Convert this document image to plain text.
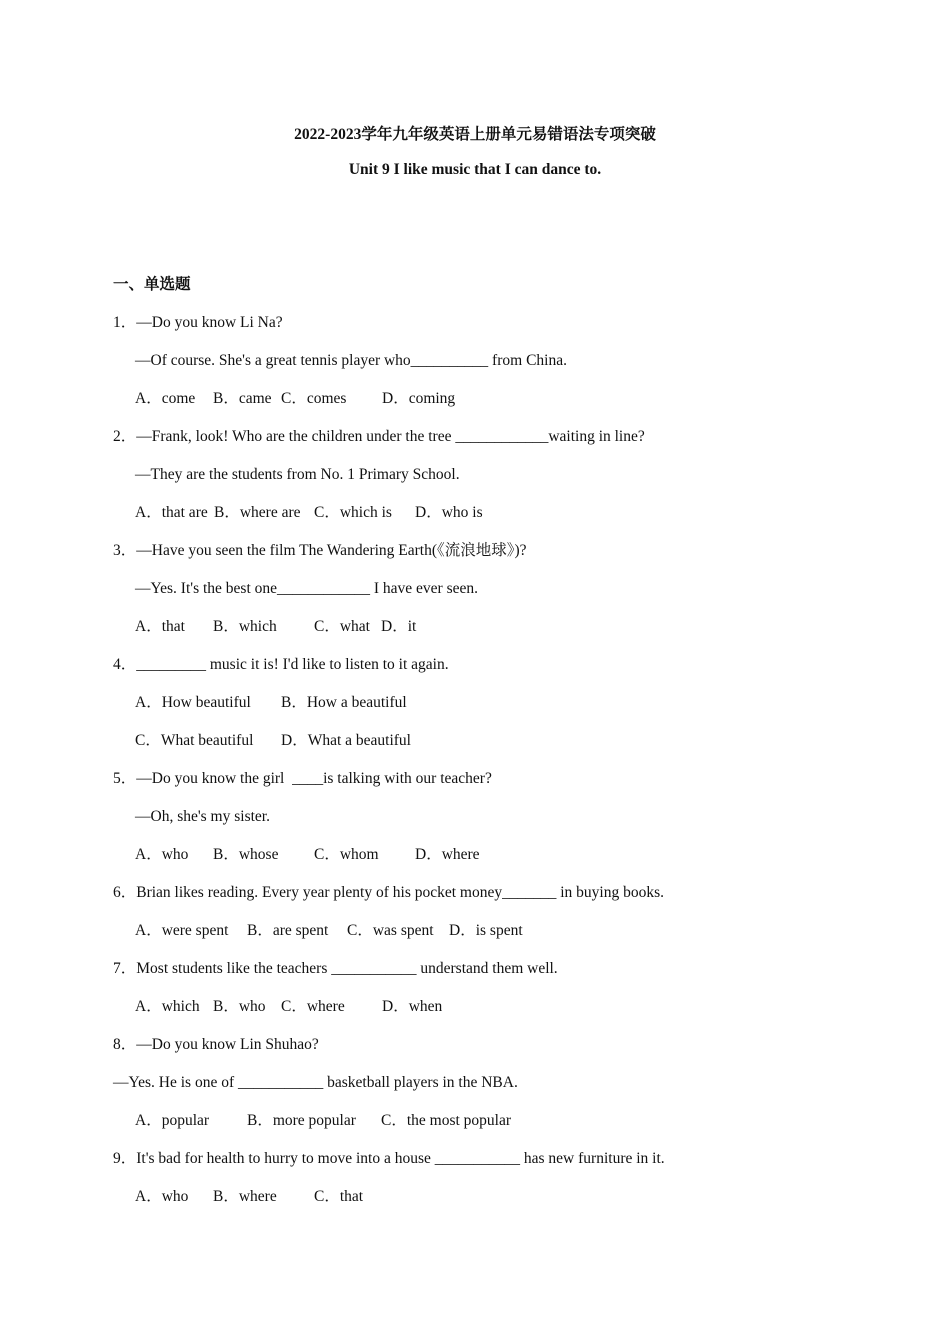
2022-2023学年九年级英语上册单元易错语法专项突破
Unit 9 I like music that I can dance to.
一、单选题
1．—Do you know Li Na?
—Of course. She's a great tennis player who__________ from China.
A．come B．came C．comes D．coming
2．—Frank, look! Who are the children under the tree ____________waiting in line?
—They are the students from No. 1 Primary School.
A．that are B．where are C．which is D．who is
3．—Have you seen the film The Wandering Earth(《流浪地球》)?
—Yes. It's the best one____________ I have ever seen.
A．that B．which C．what D．it
4．_________ music it is! I'd like to listen to it again.
A．How beautiful B．How a beautiful
C．What beautiful D．What a beautiful
5．—Do you know the girl  ____is talking with our teacher?
—Oh, she's my sister.
A．who B．whose C．whom D．where
6．Brian likes reading. Every year plenty of his pocket money_______ in buying books.
A．were spent B．are spent C．was spent D．is spent
7．Most students like the teachers ___________ understand them well.
A．which B．who C．where D．when
8．—Do you know Lin Shuhao?
—Yes. He is one of ___________ basketball players in the NBA.
A．popular B．more popular C．the most popular
9．It's bad for health to hurry to move into a house ___________ has new furniture in it.
A．who B．where C．that
